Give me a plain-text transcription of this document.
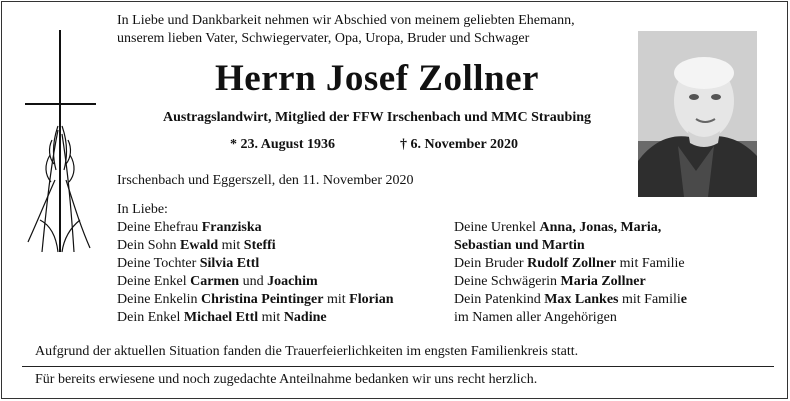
In Liebe und Dankbarkeit nehmen wir Abschied von meinem geliebten Ehemann,
unserem lieben Vater, Schwiegervater, Opa, Uropa, Bruder und Schwager
Herrn Josef Zollner
Austragslandwirt, Mitglied der FFW Irschenbach und MMC Straubing
* 23. August 1936	† 6. November 2020
Irschenbach und Eggerszell, den 11. November 2020
In Liebe:
Deine Ehefrau Franziska
Dein Sohn Ewald mit Steffi
Deine Tochter Silvia Ettl
Deine Enkel Carmen und Joachim
Deine Enkelin Christina Peintinger mit Florian
Dein Enkel Michael Ettl mit Nadine
Deine Urenkel Anna, Jonas, Maria,
Sebastian und Martin
Dein Bruder Rudolf Zollner mit Familie
Deine Schwägerin Maria Zollner
Dein Patenkind Max Lankes mit Familie
im Namen aller Angehörigen
Aufgrund der aktuellen Situation fanden die Trauerfeierlichkeiten im engsten Familienkreis statt.
Für bereits erwiesene und noch zugedachte Anteilnahme bedanken wir uns recht herzlich.
